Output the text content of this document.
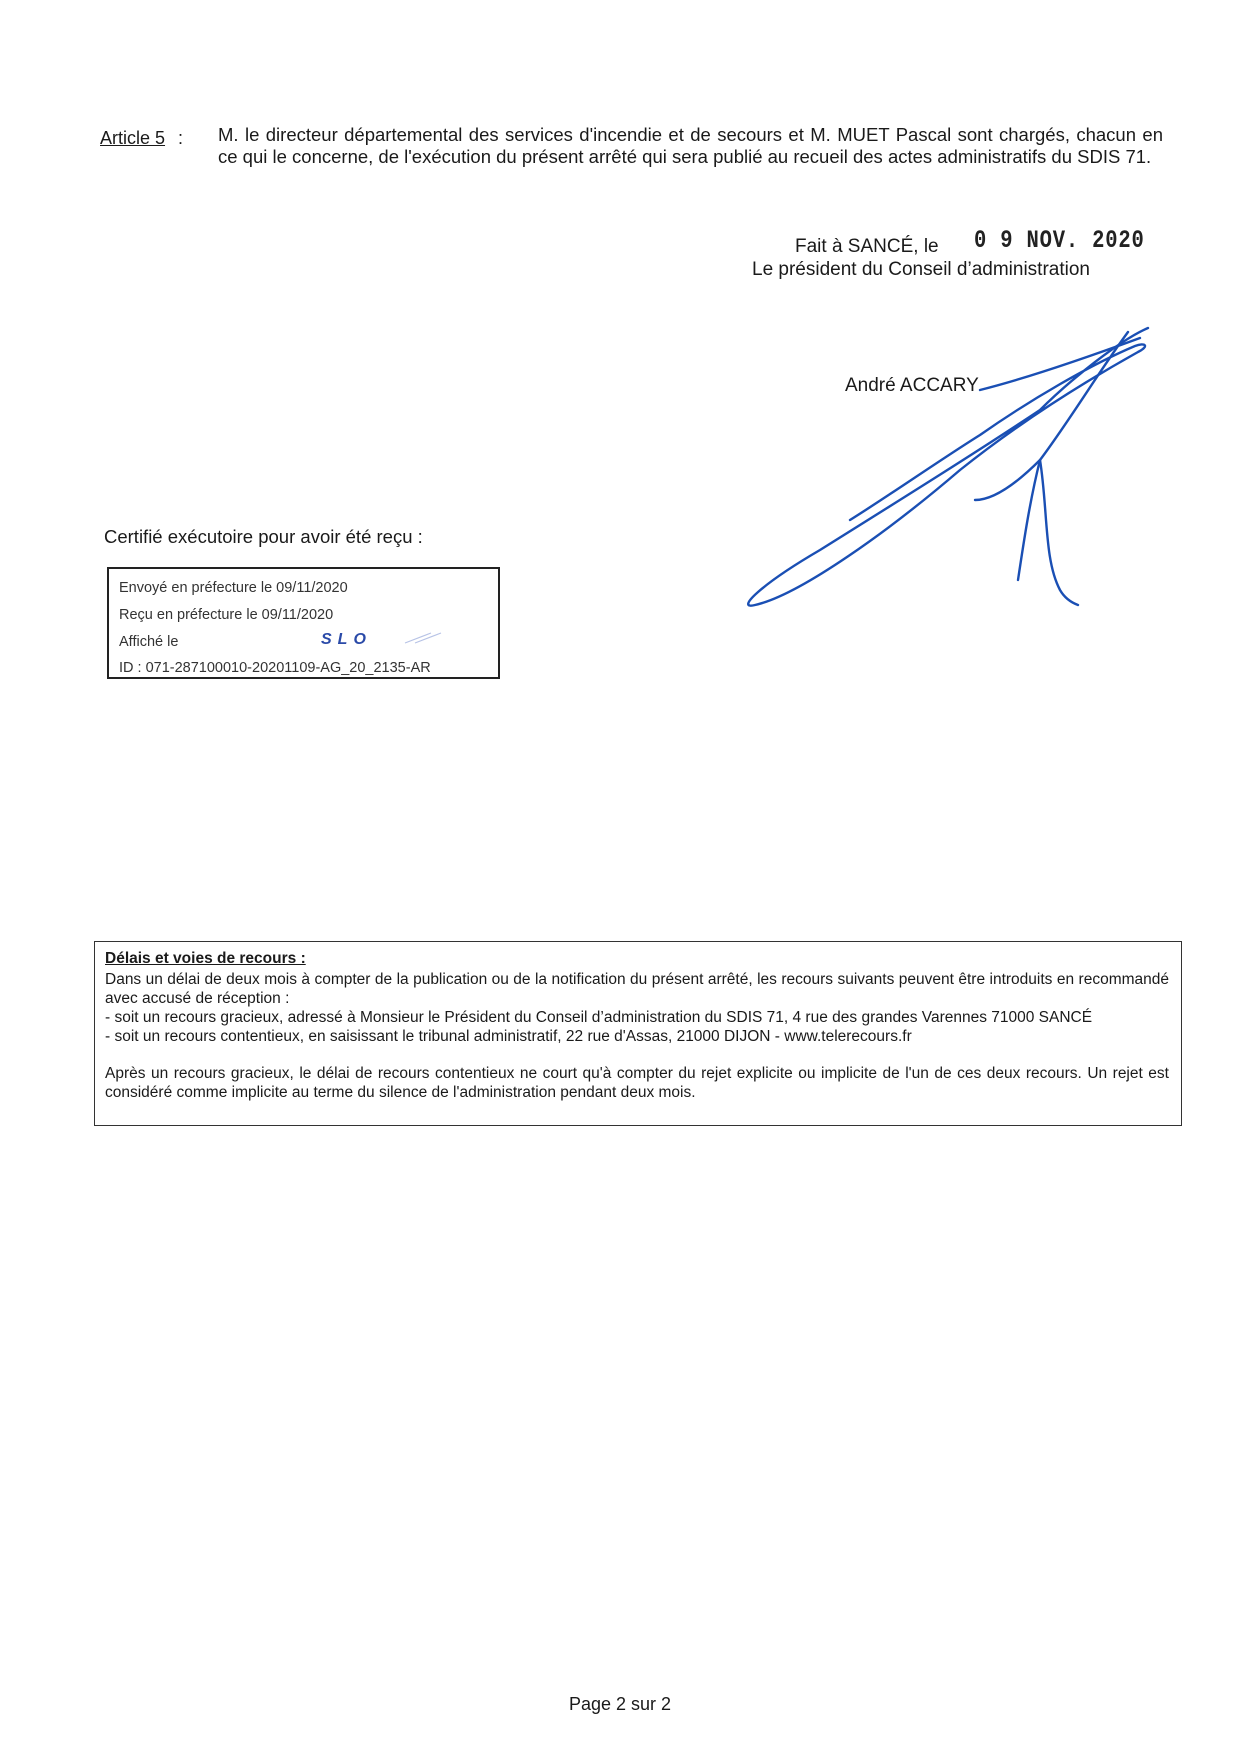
Article 5 : M. le directeur départemental des services d'incendie et de secours et M. MUET Pascal sont chargés, chacun en ce qui le concerne, de l'exécution du présent arrêté qui sera publié au recueil des actes administratifs du SDIS 71.
Fait à SANCÉ, le 0 9 NOV. 2020
Le président du Conseil d’administration
André ACCARY
Certifié exécutoire pour avoir été reçu :
Envoyé en préfecture le 09/11/2020
Reçu en préfecture le 09/11/2020
Affiché le	SLO
ID : 071-287100010-20201109-AG_20_2135-AR
Délais et voies de recours :
Dans un délai de deux mois à compter de la publication ou de la notification du présent arrêté, les recours suivants peuvent être introduits en recommandé avec accusé de réception :
- soit un recours gracieux, adressé à Monsieur le Président du Conseil d’administration du SDIS 71, 4 rue des grandes Varennes 71000 SANCÉ
- soit un recours contentieux, en saisissant le tribunal administratif, 22 rue d'Assas, 21000 DIJON - www.telerecours.fr
Après un recours gracieux, le délai de recours contentieux ne court qu'à compter du rejet explicite ou implicite de l'un de ces deux recours. Un rejet est considéré comme implicite au terme du silence de l'administration pendant deux mois.
Page 2 sur 2
